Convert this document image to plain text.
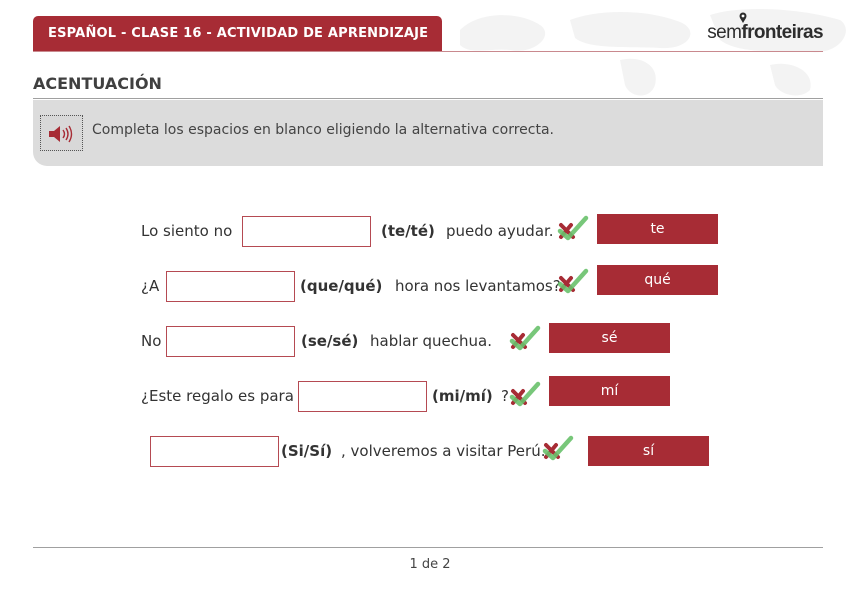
ESPAÑOL - CLASE 16 - ACTIVIDAD DE APRENDIZAJE	semfronteiras
ACENTUACIÓN
Completa los espacios en blanco eligiendo la alternativa correcta.
Lo siento no	(te/té) puedo ayudar.	te
¿A	(que/qué) hora nos levantamos?	qué
No	(se/sé) hablar quechua.	sé
¿Este regalo es para	(mi/mí) ?	mí
(Si/Sí) , volveremos a visitar Perú.	sí
1 de 2
